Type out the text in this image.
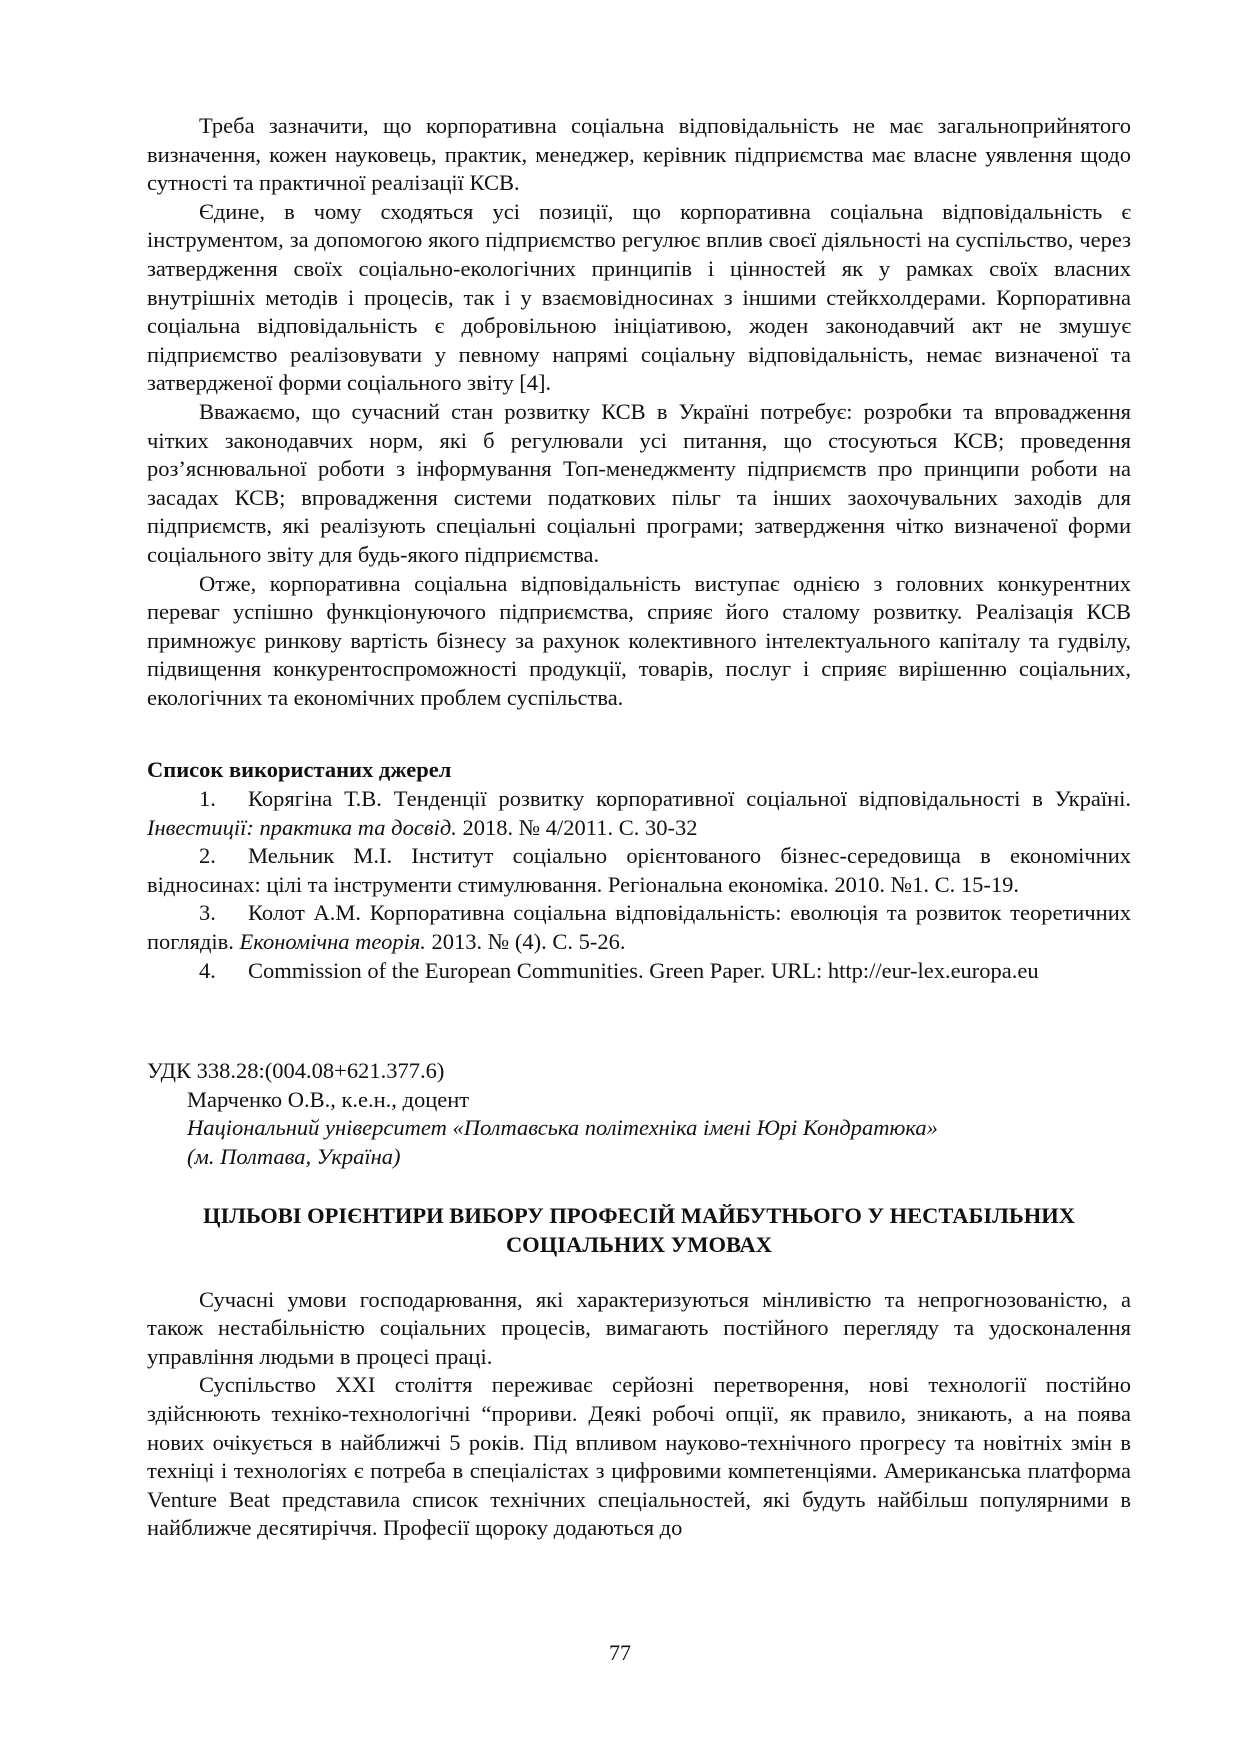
Треба зазначити, що корпоративна соціальна відповідальність не має загальноприйнятого визначення, кожен науковець, практик, менеджер, керівник підприємства має власне уявлення щодо сутності та практичної реалізації КСВ.

Єдине, в чому сходяться усі позиції, що корпоративна соціальна відповідальність є інструментом, за допомогою якого підприємство регулює вплив своєї діяльності на суспільство, через затвердження своїх соціально-екологічних принципів і цінностей як у рамках своїх власних внутрішніх методів і процесів, так і у взаємовідносинах з іншими стейкхолдерами. Корпоративна соціальна відповідальність є добровільною ініціативою, жоден законодавчий акт не змушує підприємство реалізовувати у певному напрямі соціальну відповідальність, немає визначеної та затвердженої форми соціального звіту [4].

Вважаємо, що сучасний стан розвитку КСВ в Україні потребує: розробки та впровадження чітких законодавчих норм, які б регулювали усі питання, що стосуються КСВ; проведення роз’яснювальної роботи з інформування Топ-менеджменту підприємств про принципи роботи на засадах КСВ; впровадження системи податкових пільг та інших заохочувальних заходів для підприємств, які реалізують спеціальні соціальні програми; затвердження чітко визначеної форми соціального звіту для будь-якого підприємства.

Отже, корпоративна соціальна відповідальність виступає однією з головних конкурентних переваг успішно функціонуючого підприємства, сприяє його сталому розвитку. Реалізація КСВ примножує ринкову вартість бізнесу за рахунок колективного інтелектуального капіталу та гудвілу, підвищення конкурентоспроможності продукції, товарів, послуг і сприяє вирішенню соціальних, екологічних та економічних проблем суспільства.

Список використаних джерел

1. Корягіна Т.В. Тенденції розвитку корпоративної соціальної відповідальності в Україні. Інвестиції: практика та досвід. 2018. № 4/2011. С. 30-32

2. Мельник М.І. Інститут соціально орієнтованого бізнес-середовища в економічних відносинах: цілі та інструменти стимулювання. Регіональна економіка. 2010. №1. С. 15-19.

3. Колот А.М. Корпоративна соціальна відповідальність: еволюція та розвиток теоретичних поглядів. Економічна теорія. 2013. № (4). С. 5-26.

4. Commission of the European Communities. Green Paper. URL: http://eur-lex.europa.eu

УДК 338.28:(004.08+621.377.6)

Марченко О.В., к.е.н., доцент

Національний університет «Полтавська політехніка імені Юрі Кондратюка»

(м. Полтава, Україна)

ЦІЛЬОВІ ОРІЄНТИРИ ВИБОРУ ПРОФЕСІЙ МАЙБУТНЬОГО У НЕСТАБІЛЬНИХ
СОЦІАЛЬНИХ УМОВАХ

Сучасні умови господарювання, які характеризуються мінливістю та непрогнозованістю, а також нестабільністю соціальних процесів, вимагають постійного перегляду та удосконалення управління людьми в процесі праці.

Суспільство XXI століття переживає серйозні перетворення, нові технології постійно здійснюють техніко-технологічні “прориви. Деякі робочі опції, як правило, зникають, а на поява нових очікується в найближчі 5 років. Під впливом науково-технічного прогресу та новітніх змін в техніці і технологіях є потреба в спеціалістах з цифровими компетенціями. Американська платформа Venture Beat представила список технічних спеціальностей, які будуть найбільш популярними в найближче десятиріччя. Професії щороку додаються до

77
